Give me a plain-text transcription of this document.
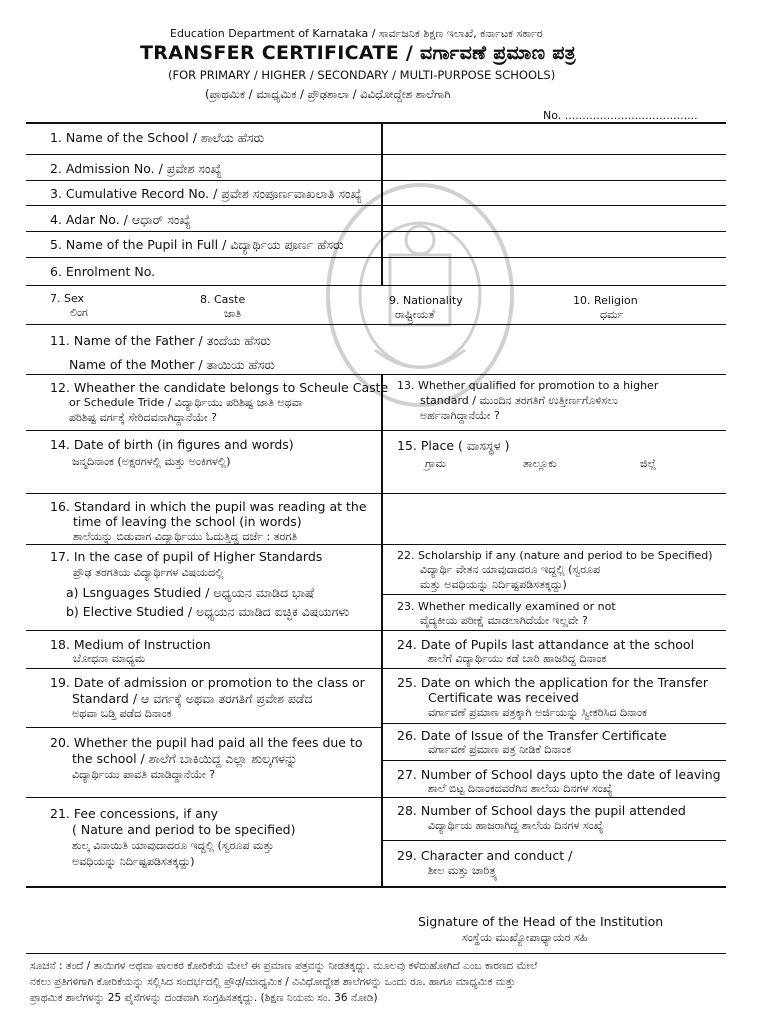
Education Department of Karnataka / ಸಾರ್ವಜನಿಕ ಶಿಕ್ಷಣ ಇಲಾಖೆ, ಕರ್ನಾಟಕ ಸರ್ಕಾರ
TRANSFER CERTIFICATE / ವರ್ಗಾವಣೆ ಪ್ರಮಾಣ ಪತ್ರ
(FOR PRIMARY / HIGHER / SECONDARY / MULTI-PURPOSE SCHOOLS)
(ಪ್ರಾಥಮಿಕ / ಮಾಧ್ಯಮಿಕ / ಪ್ರೌಢಶಾಲಾ / ವಿವಿಧೋದ್ದೇಶ ಶಾಲೆಗಾಗಿ
No. ......................................
1. Name of the School / ಶಾಲೆಯ ಹೆಸರು
2. Admission No. / ಪ್ರವೇಶ ಸಂಖ್ಯೆ
3. Cumulative Record No. / ಪ್ರವೇಶ ಸಂಪೂರ್ಣವಾಖಲಾತಿ ಸಂಖ್ಯೆ
4. Adar No. / ಆಧಾರ್ ಸಂಖ್ಯೆ
5. Name of the Pupil in Full / ವಿದ್ಯಾರ್ಥಿಯ ಪೂರ್ಣ ಹೆಸರು
6. Enrolment No.
7. Sex
ಲಿಂಗ
8. Caste
ಜಾತಿ
9. Nationality
ರಾಷ್ಟ್ರೀಯತೆ
10. Religion
ಧರ್ಮ
11. Name of the Father / ತಂದೆಯ ಹೆಸರು
Name of the Mother / ತಾಯಿಯ ಹೆಸರು
12. Wheather the candidate belongs to Scheule Caste
or Schedule Tride / ವಿದ್ಯಾರ್ಥಿಯು ಪರಿಶಿಷ್ಟ ಜಾತಿ ಅಥವಾ
ಪರಿಶಿಷ್ಟ ವರ್ಗಕ್ಕೆ ಸೇರಿದವನಾಗಿದ್ದಾನೆಯೇ ?
13. Whether qualified for promotion to a higher
standard / ಮುಂದಿನ ತರಗತಿಗೆ ಉತ್ತೀರ್ಣಗೊಳಿಸಲು
ಅರ್ಹನಾಗಿದ್ದಾನೆಯೇ ?
14. Date of birth (in figures and words)
ಜನ್ಮದಿನಾಂಕ (ಅಕ್ಷರಗಳಲ್ಲಿ ಮತ್ತು ಅಂಕಿಗಳಲ್ಲಿ)
15. Place ( ವಾಸಸ್ಥಳ )
ಗ್ರಾಮ	ತಾಲ್ಲೂಕು	ಜಿಲ್ಲೆ
16. Standard in which the pupil was reading at the
time of leaving the school (in words)
ಶಾಲೆಯನ್ನು ಬಿಡುವಾಗ ವಿದ್ಯಾರ್ಥಿಯು ಓದುತ್ತಿದ್ದ ದರ್ಜೆ : ತರಗತಿ
17. In the case of pupil of Higher Standards
ಪ್ರೌಢ ತರಗತಿಯ ವಿದ್ಯಾರ್ಥಿಗಳ ವಿಷಯದಲ್ಲಿ
a) Lsnguages Studied / ಅಧ್ಯಯನ ಮಾಡಿದ ಭಾಷೆ
b) Elective Studied / ಅಧ್ಯಯನ ಮಾಡಿದ ಐಚ್ಛಿಕ ವಿಷಯಗಳು
22. Scholarship if any (nature and period to be Specified)
ವಿದ್ಯಾರ್ಥಿ ವೇತನ ಯಾವುದಾದರೂ ಇದ್ದಲ್ಲಿ (ಸ್ವರೂಪ
ಮತ್ತು ಅವಧಿಯನ್ನು ನಿರ್ದಿಷ್ಟಪಡಿಸತಕ್ಕದ್ದು)
23. Whether medically examined or not
ವೈದ್ಯಕೀಯ ಪರೀಕ್ಷೆ ಮಾಡಲಾಗಿದೆಯೇ ಇಲ್ಲವೇ ?
18. Medium of Instruction
ಬೋಧನಾ ಮಾಧ್ಯಮ
24. Date of Pupils last attandance at the school
ಶಾಲೆಗೆ ವಿದ್ಯಾರ್ಥಿಯು ಕಡೆ ಬಾರಿ ಹಾಜರಿದ್ದ ದಿನಾಂಕ
19. Date of admission or promotion to the class or
Standard / ಆ ವರ್ಗಕ್ಕೆ ಅಥವಾ ತರಗತಿಗೆ ಪ್ರವೇಶ ಪಡೆದ
ಅಥವಾ ಬಡ್ತಿ ಪಡೆದ ದಿನಾಂಕ
25. Date on which the application for the Transfer
Certificate was received
ವರ್ಗಾವಣೆ ಪ್ರಮಾಣ ಪತ್ರಕ್ಕಾಗಿ ಅರ್ಜಿಯನ್ನು ಸ್ವೀಕರಿಸಿದ ದಿನಾಂಕ
20. Whether the pupil had paid all the fees due to
the school / ಶಾಲೆಗೆ ಬಾಕಿಯಿದ್ದ ಎಲ್ಲಾ ಶುಲ್ಕಗಳನ್ನು
ವಿದ್ಯಾರ್ಥಿಯು ಪಾವತಿ ಮಾಡಿದ್ದಾನೆಯೇ ?
26. Date of Issue of the Transfer Certificate
ವರ್ಗಾವಣೆ ಪ್ರಮಾಣ ಪತ್ರ ನೀಡಿಕೆ ದಿನಾಂಕ
27. Number of School days upto the date of leaving
ಶಾಲೆ ಬಿಟ್ಟ ದಿನಾಂಕದವರೆಗಿನ ಶಾಲೆಯ ದಿನಗಳ ಸಂಖ್ಯೆ
21. Fee concessions, if any
( Nature and period to be specified)
ಶುಲ್ಕ ವಿನಾಯಿತಿ ಯಾವುದಾದರೂ ಇದ್ದಲ್ಲಿ (ಸ್ವರೂಪ ಮತ್ತು
ಅವಧಿಯನ್ನು ನಿರ್ದಿಷ್ಟಪಡಿಸತಕ್ಕದ್ದು)
28. Number of School days the pupil attended
ವಿದ್ಯಾರ್ಥಿಯ ಹಾಜರಾಗಿದ್ದ ಶಾಲೆಯ ದಿನಗಳ ಸಂಖ್ಯೆ
29. Character and conduct /
ಶೀಲ ಮತ್ತು ಚಾರಿತ್ರ್ಯ
Signature of the Head of the Institution
ಸಂಸ್ಥೆಯ ಮುಖ್ಯೋಪಾಧ್ಯಾಯರ ಸಹಿ
ಸೂಚನೆ : ತಂದೆ / ತಾಯಿಗಳ ಅಥವಾ ಪಾಲಕರ ಕೋರಿಕೆಯ ಮೇಲೆ ಈ ಪ್ರಮಾಣ ಪತ್ರವನ್ನು ನೀಡತಕ್ಕದ್ದು. ಮೂಲವು ಕಳೆದುಹೋಗಿದೆ ಎಂಬ ಕಾರಣದ ಮೇಲೆ
ನಕಲು ಪ್ರತಿಗಳಿಗಾಗಿ ಕೋರಿಕೆಯನ್ನು ಸಲ್ಲಿಸಿದ ಸಂದರ್ಭದಲ್ಲಿ ಪ್ರೌಢ/ಮಾಧ್ಯಮಿಕ / ವಿವಿಧೋದ್ದೇಶ ಶಾಲೆಗಳನ್ನು ಒಂದು ರೂ. ಹಾಗೂ ಮಾಧ್ಯಮಿಕ ಮತ್ತು
ಪ್ರಾಥಮಿಕ ಶಾಲೆಗಳನ್ನು 25 ಪೈಸೆಗಳನ್ನು ದಂಡವಾಗಿ ಸಂಗ್ರಹಿಸತಕ್ಕದ್ದು. (ಶಿಕ್ಷಣ ನಿಯಮ ಸಂ. 36 ನೋಡಿ)
